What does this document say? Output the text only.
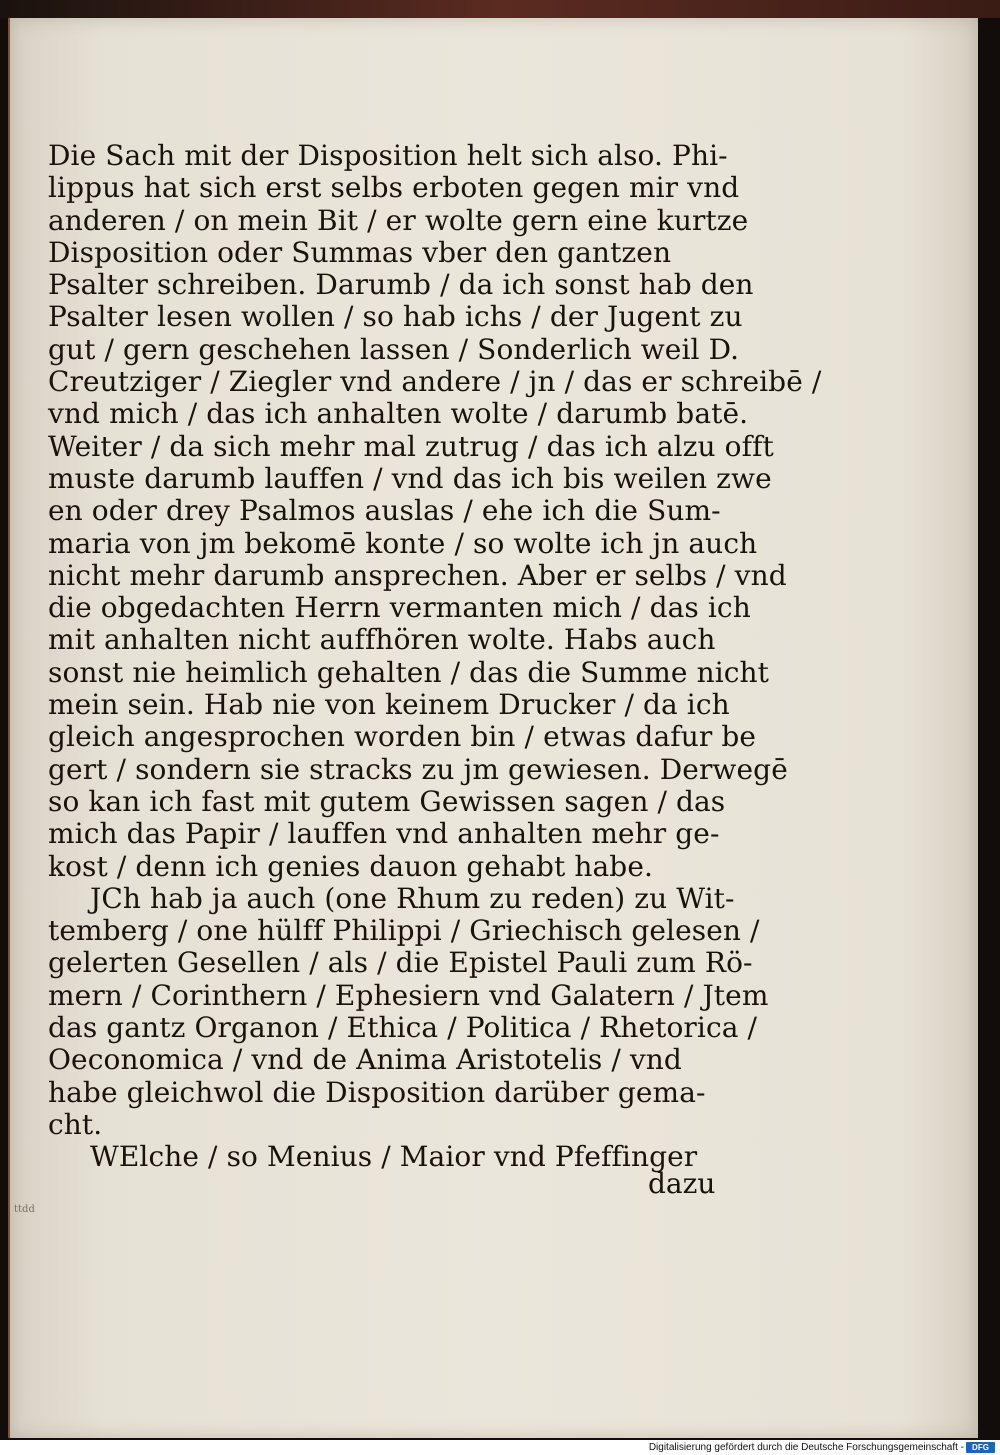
Die Sach mit der Disposition helt sich also. Phi-
lippus hat sich erst selbs erboten gegen mir vnd
anderen / on mein Bit / er wolte gern eine kurtze
Disposition oder Summas vber den gantzen
Psalter schreiben. Darumb / da ich sonst hab den
Psalter lesen wollen / so hab ichs / der Jugent zu
gut / gern geschehen lassen / Sonderlich weil D.
Creutziger / Ziegler vnd andere / jn / das er schreibē /
vnd mich / das ich anhalten wolte / darumb batē.
Weiter / da sich mehr mal zutrug / das ich alzu offt
muste darumb lauffen / vnd das ich bis weilen zwe
en oder drey Psalmos auslas / ehe ich die Sum-
maria von jm bekomē konte / so wolte ich jn auch
nicht mehr darumb ansprechen. Aber er selbs / vnd
die obgedachten Herrn vermanten mich / das ich
mit anhalten nicht auffhören wolte. Habs auch
sonst nie heimlich gehalten / das die Summe nicht
mein sein. Hab nie von keinem Drucker / da ich
gleich angesprochen worden bin / etwas dafur be
gert / sondern sie stracks zu jm gewiesen. Derwegē
so kan ich fast mit gutem Gewissen sagen / das
mich das Papir / lauffen vnd anhalten mehr ge-
kost / denn ich genies dauon gehabt habe.
JCh hab ja auch (one Rhum zu reden) zu Wit-
temberg / one hülff Philippi / Griechisch gelesen /
gelerten Gesellen / als / die Epistel Pauli zum Rö-
mern / Corinthern / Ephesiern vnd Galatern / Jtem
das gantz Organon / Ethica / Politica / Rhetorica /
Oeconomica / vnd de Anima Aristotelis / vnd
habe gleichwol die Disposition darüber gema-
cht.
WElche / so Menius / Maior vnd Pfeffinger
dazu
ttdd
Digitalisierung gefördert durch die Deutsche Forschungsgemeinschaft -	DFG
